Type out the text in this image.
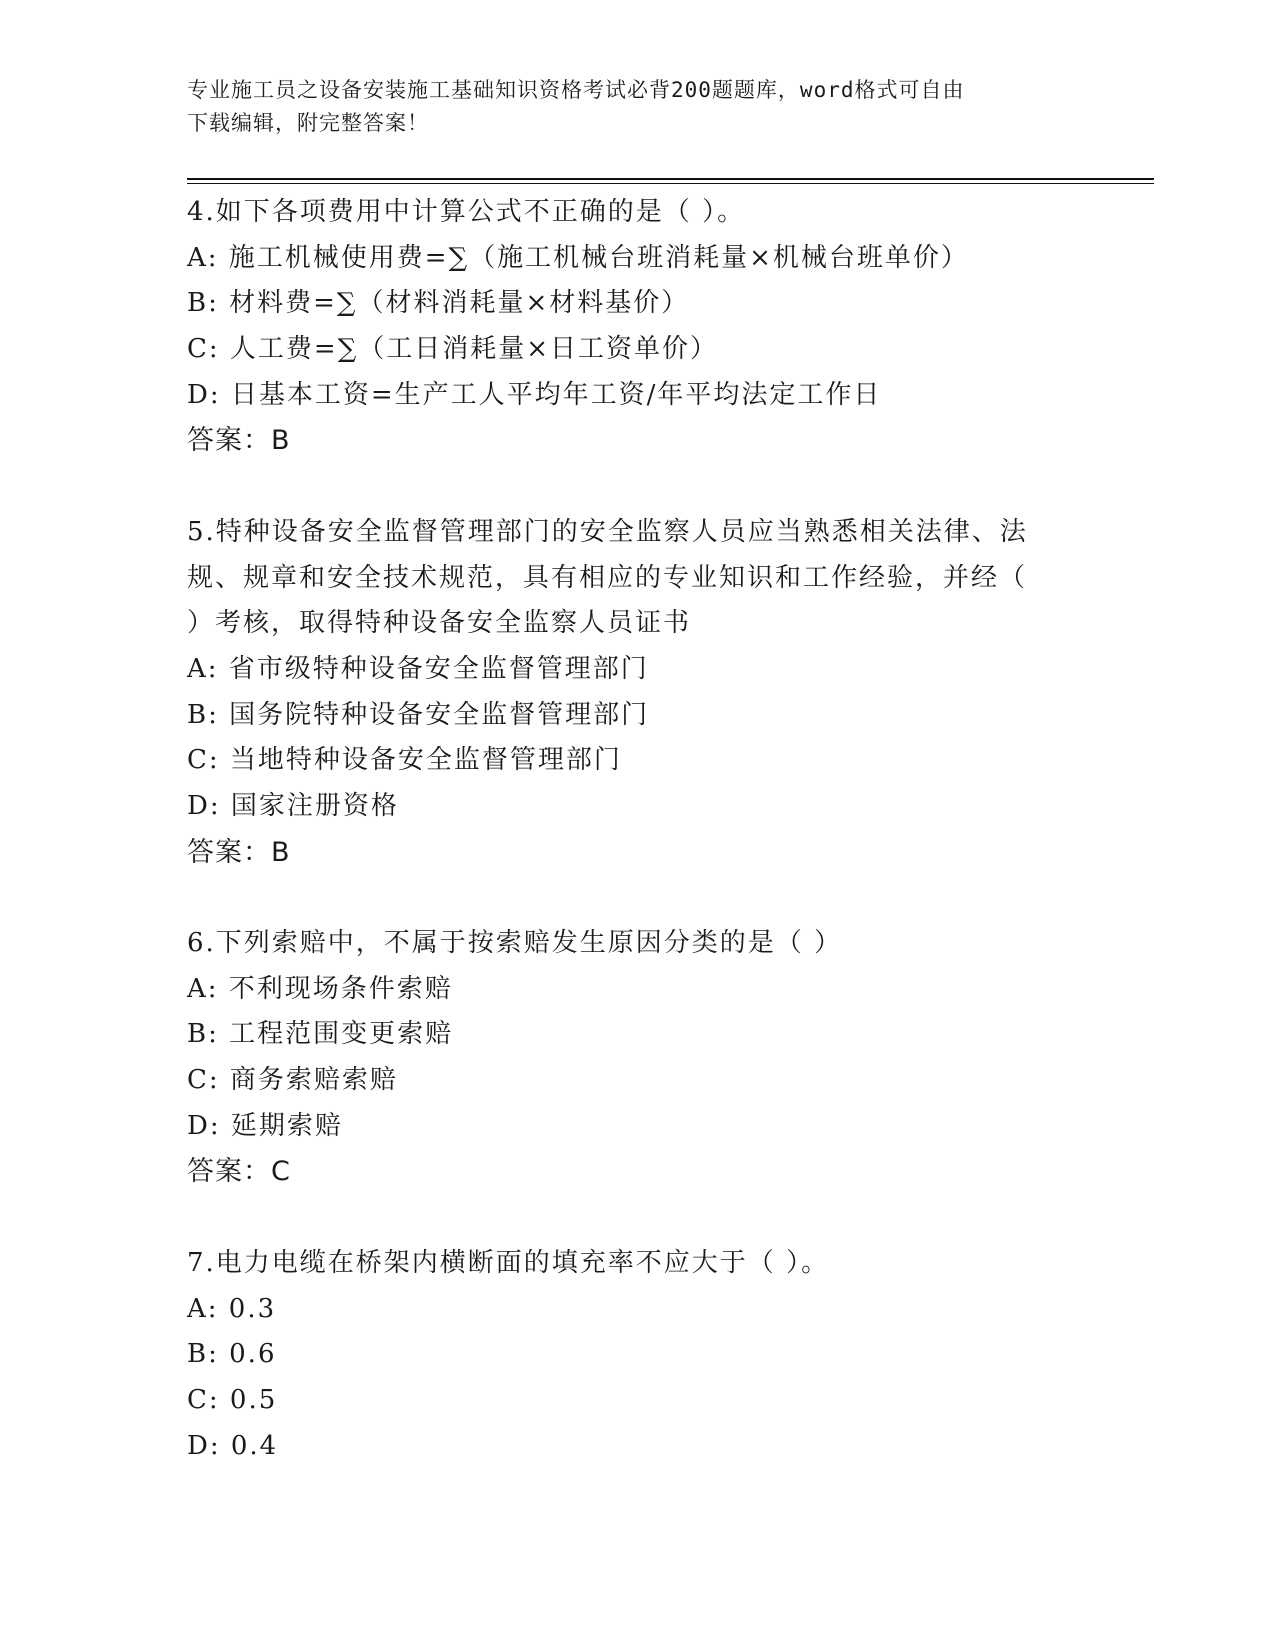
专业施工员之设备安装施工基础知识资格考试必背200题题库，word格式可自由
下载编辑，附完整答案！
4.如下各项费用中计算公式不正确的是（ ）。
A: 施工机械使用费=∑（施工机械台班消耗量×机械台班单价）
B: 材料费=∑（材料消耗量×材料基价）
C: 人工费=∑（工日消耗量×日工资单价）
D: 日基本工资=生产工人平均年工资/年平均法定工作日
答案：B
5.特种设备安全监督管理部门的安全监察人员应当熟悉相关法律、法
规、规章和安全技术规范，具有相应的专业知识和工作经验，并经（
）考核，取得特种设备安全监察人员证书
A: 省市级特种设备安全监督管理部门
B: 国务院特种设备安全监督管理部门
C: 当地特种设备安全监督管理部门
D: 国家注册资格
答案：B
6.下列索赔中，不属于按索赔发生原因分类的是（ ）
A: 不利现场条件索赔
B: 工程范围变更索赔
C: 商务索赔索赔
D: 延期索赔
答案：C
7.电力电缆在桥架内横断面的填充率不应大于（ ）。
A: 0.3
B: 0.6
C: 0.5
D: 0.4
